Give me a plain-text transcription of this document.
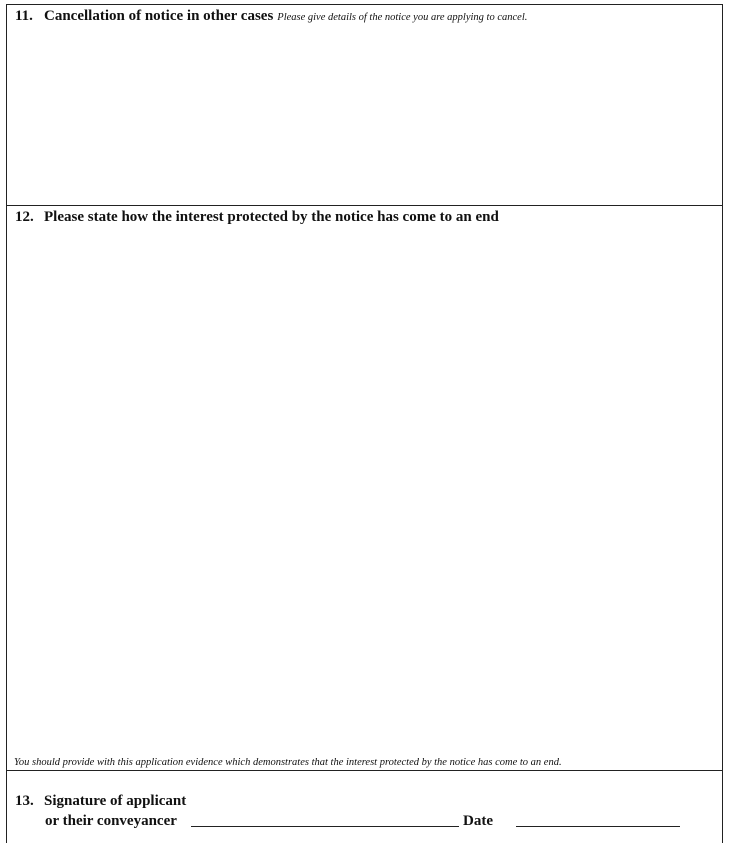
11. Cancellation of notice in other cases Please give details of the notice you are applying to cancel.
12. Please state how the interest protected by the notice has come to an end
You should provide with this application evidence which demonstrates that the interest protected by the notice has come to an end.
13. Signature of applicant
or their conveyancer	Date
